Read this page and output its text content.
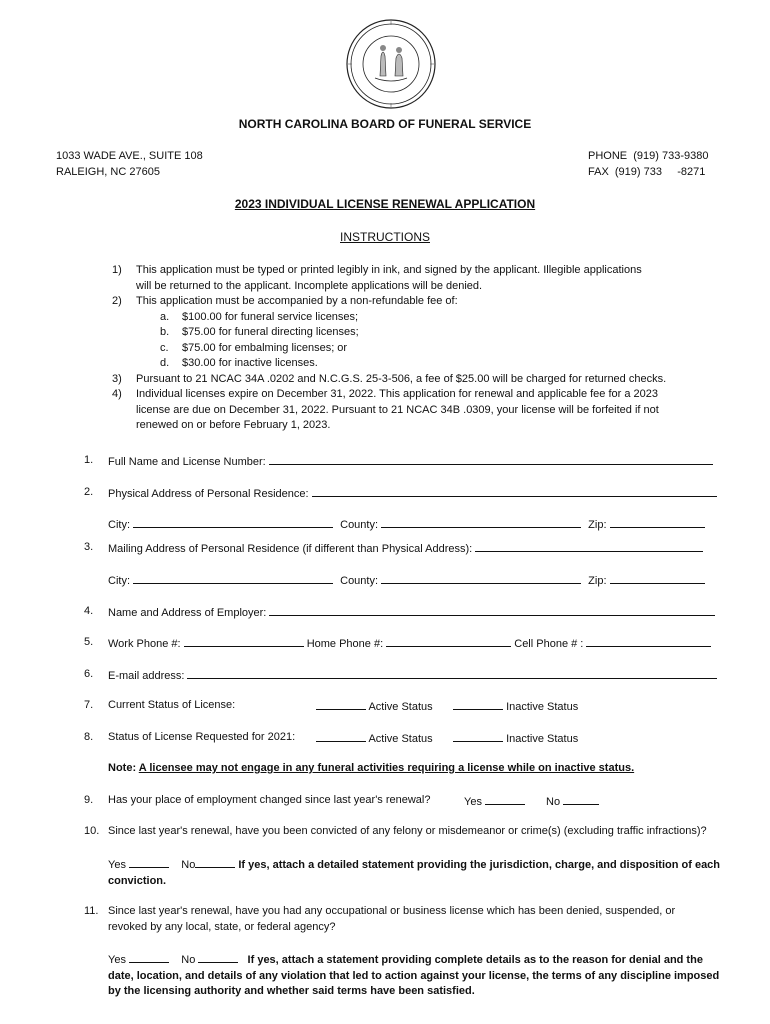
NORTH CAROLINA BOARD OF FUNERAL SERVICE
1033 WADE AVE., SUITE 108
RALEIGH, NC 27605
PHONE  (919) 733-9380
FAX  (919) 733     -8271
2023 INDIVIDUAL LICENSE RENEWAL APPLICATION
INSTRUCTIONS
1)	This application must be typed or printed legibly in ink, and signed by the applicant. Illegible applications
will be returned to the applicant. Incomplete applications will be denied.
2)	This application must be accompanied by a non-refundable fee of:
a.	$100.00 for funeral service licenses;
b.	$75.00 for funeral directing licenses;
c.	$75.00 for embalming licenses; or
d.	$30.00 for inactive licenses.
3)	Pursuant to 21 NCAC 34A .0202 and N.C.G.S. 25-3-506, a fee of $25.00 will be charged for returned checks.
4)	Individual licenses expire on December 31, 2022. This application for renewal and applicable fee for a 2023
license are due on December 31, 2022. Pursuant to 21 NCAC 34B .0309, your license will be forfeited if not
renewed on or before February 1, 2023.
1.	Full Name and License Number:
2.	Physical Address of Personal Residence:
City:	County:	Zip:
3.	Mailing Address of Personal Residence (if different than Physical Address):
City:	County:	Zip:
4.	Name and Address of Employer:
5.	Work Phone #:	Home Phone #:	Cell Phone # :
6.	E-mail address:
7.	Current Status of License:	Active Status	Inactive Status
8.	Status of License Requested for 2021:	Active Status	Inactive Status
Note: A licensee may not engage in any funeral activities requiring a license while on inactive status.
9.	Has your place of employment changed since last year's renewal?	Yes	No
10. Since last year's renewal, have you been convicted of any felony or misdemeanor or crime(s) (excluding traffic infractions)?
Yes	No	If yes, attach a detailed statement providing the jurisdiction, charge, and disposition of each
conviction.
11. Since last year's renewal, have you had any occupational or business license which has been denied, suspended, or
revoked by any local, state, or federal agency?
Yes	No	If yes, attach a statement providing complete details as to the reason for denial and the
date, location, and details of any violation that led to action against your license, the terms of any discipline imposed
by the licensing authority and whether said terms have been satisfied.
